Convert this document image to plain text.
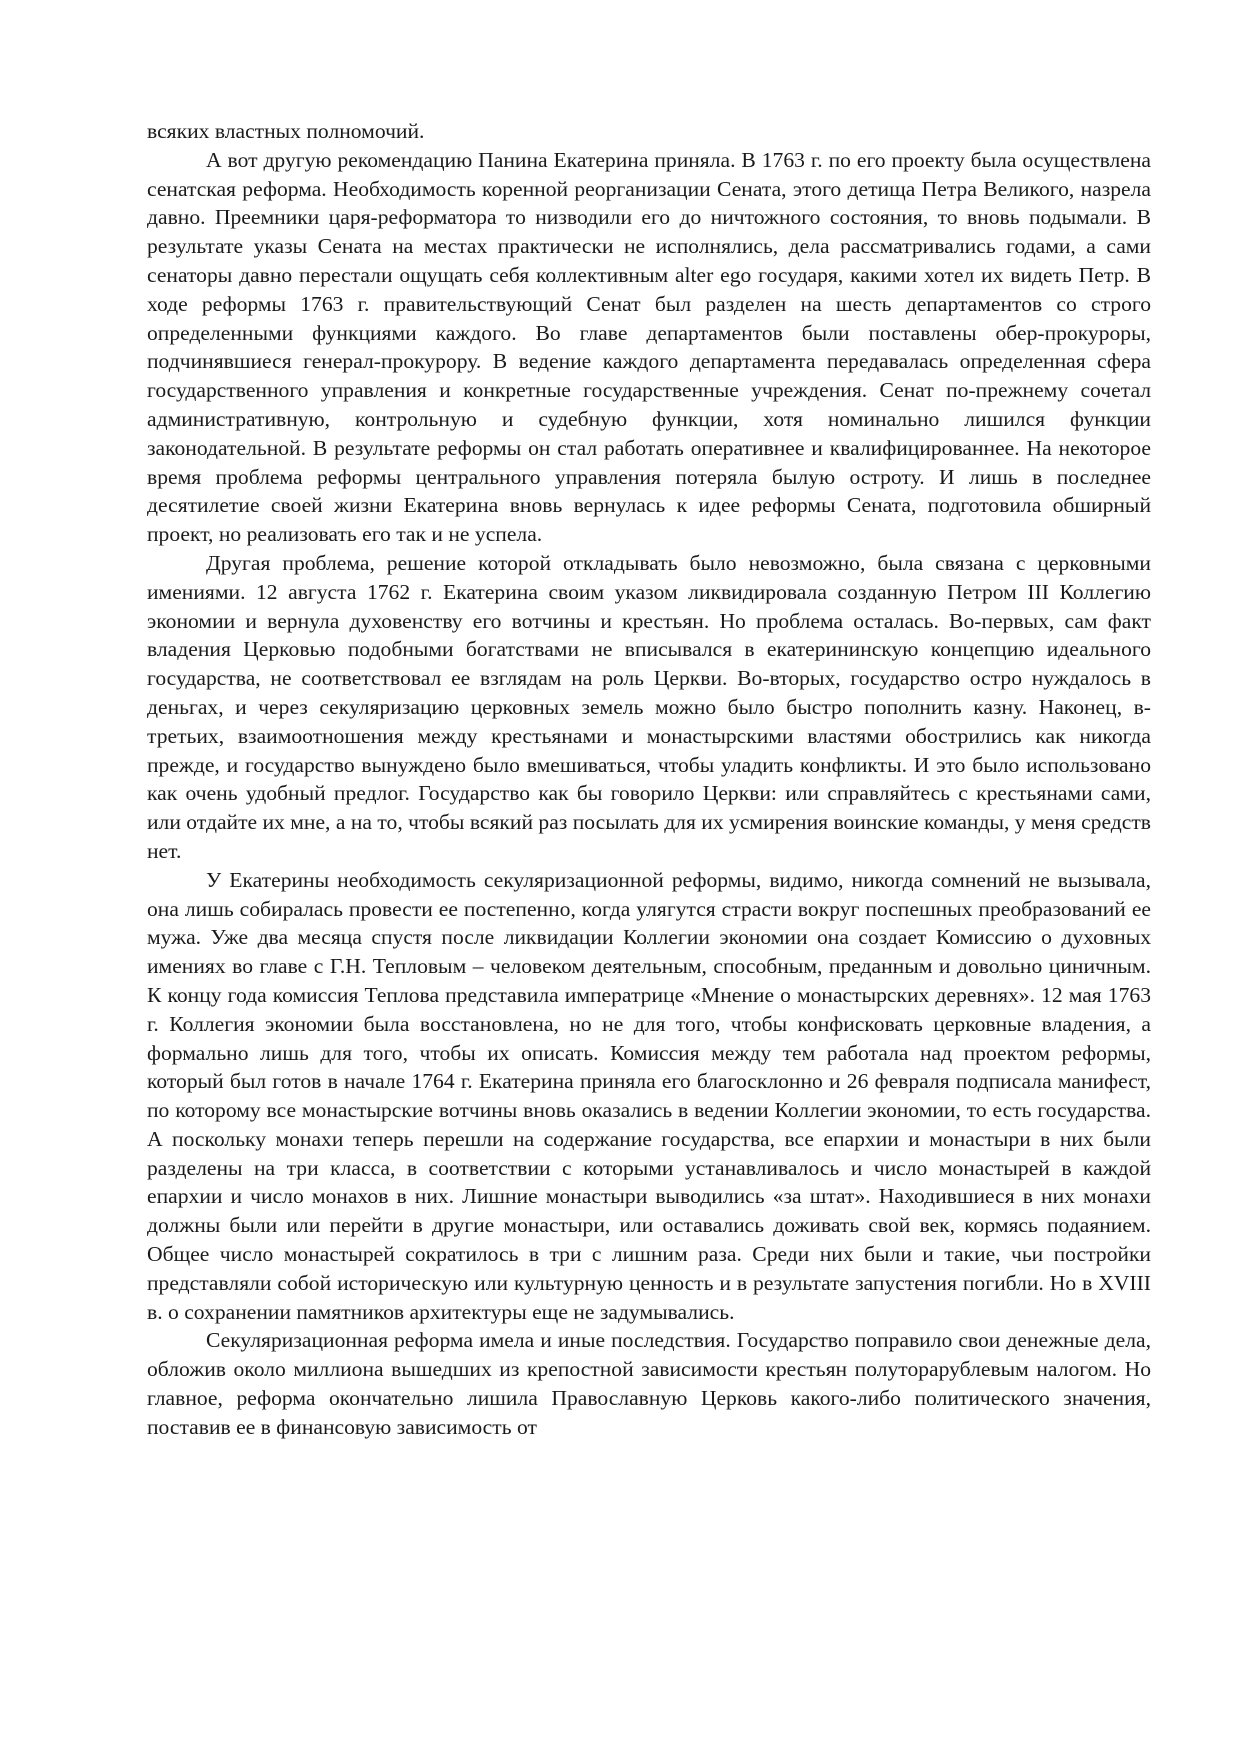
всяких властных полномочий.

А вот другую рекомендацию Панина Екатерина приняла. В 1763 г. по его проекту была осуществлена сенатская реформа. Необходимость коренной реорганизации Сената, этого детища Петра Великого, назрела давно. Преемники царя-реформатора то низводили его до ничтожного состояния, то вновь подымали. В результате указы Сената на местах практически не исполнялись, дела рассматривались годами, а сами сенаторы давно перестали ощущать себя коллективным alter ego государя, какими хотел их видеть Петр. В ходе реформы 1763 г. правительствующий Сенат был разделен на шесть департаментов со строго определенными функциями каждого. Во главе департаментов были поставлены обер-прокуроры, подчинявшиеся генерал-прокурору. В ведение каждого департамента передавалась определенная сфера государственного управления и конкретные государственные учреждения. Сенат по-прежнему сочетал административную, контрольную и судебную функции, хотя номинально лишился функции законодательной. В результате реформы он стал работать оперативнее и квалифицированнее. На некоторое время проблема реформы центрального управления потеряла былую остроту. И лишь в последнее десятилетие своей жизни Екатерина вновь вернулась к идее реформы Сената, подготовила обширный проект, но реализовать его так и не успела.

Другая проблема, решение которой откладывать было невозможно, была связана с церковными имениями. 12 августа 1762 г. Екатерина своим указом ликвидировала созданную Петром III Коллегию экономии и вернула духовенству его вотчины и крестьян. Но проблема осталась. Во-первых, сам факт владения Церковью подобными богатствами не вписывался в екатерининскую концепцию идеального государства, не соответствовал ее взглядам на роль Церкви. Во-вторых, государство остро нуждалось в деньгах, и через секуляризацию церковных земель можно было быстро пополнить казну. Наконец, в-третьих, взаимоотношения между крестьянами и монастырскими властями обострились как никогда прежде, и государство вынуждено было вмешиваться, чтобы уладить конфликты. И это было использовано как очень удобный предлог. Государство как бы говорило Церкви: или справляйтесь с крестьянами сами, или отдайте их мне, а на то, чтобы всякий раз посылать для их усмирения воинские команды, у меня средств нет.

У Екатерины необходимость секуляризационной реформы, видимо, никогда сомнений не вызывала, она лишь собиралась провести ее постепенно, когда улягутся страсти вокруг поспешных преобразований ее мужа. Уже два месяца спустя после ликвидации Коллегии экономии она создает Комиссию о духовных имениях во главе с Г.Н. Тепловым – человеком деятельным, способным, преданным и довольно циничным. К концу года комиссия Теплова представила императрице «Мнение о монастырских деревнях». 12 мая 1763 г. Коллегия экономии была восстановлена, но не для того, чтобы конфисковать церковные владения, а формально лишь для того, чтобы их описать. Комиссия между тем работала над проектом реформы, который был готов в начале 1764 г. Екатерина приняла его благосклонно и 26 февраля подписала манифест, по которому все монастырские вотчины вновь оказались в ведении Коллегии экономии, то есть государства. А поскольку монахи теперь перешли на содержание государства, все епархии и монастыри в них были разделены на три класса, в соответствии с которыми устанавливалось и число монастырей в каждой епархии и число монахов в них. Лишние монастыри выводились «за штат». Находившиеся в них монахи должны были или перейти в другие монастыри, или оставались доживать свой век, кормясь подаянием. Общее число монастырей сократилось в три с лишним раза. Среди них были и такие, чьи постройки представляли собой историческую или культурную ценность и в результате запустения погибли. Но в XVIII в. о сохранении памятников архитектуры еще не задумывались.

Секуляризационная реформа имела и иные последствия. Государство поправило свои денежные дела, обложив около миллиона вышедших из крепостной зависимости крестьян полуторарублевым налогом. Но главное, реформа окончательно лишила Православную Церковь какого-либо политического значения, поставив ее в финансовую зависимость от
